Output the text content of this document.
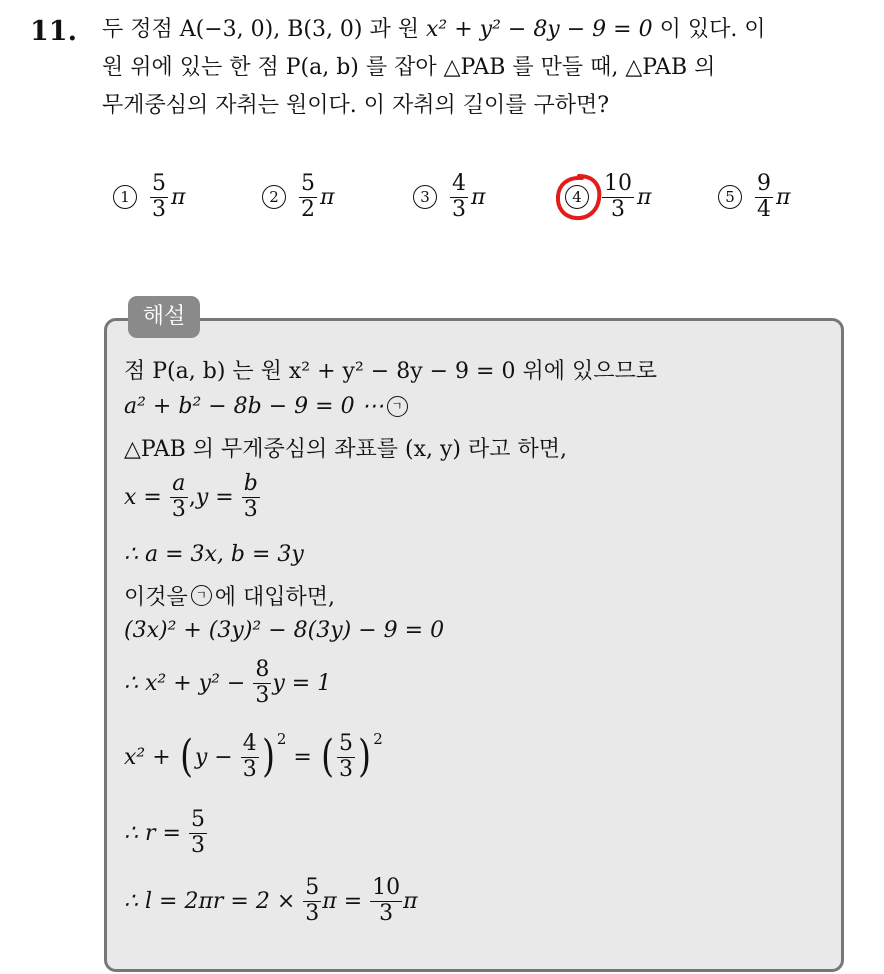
11. 두 정점 A(−3, 0), B(3, 0) 과 원 x² + y² − 8y − 9 = 0 이 있다. 이
원 위에 있는 한 점 P(a, b) 를 잡아 △PAB 를 만들 때, △PAB 의
무게중심의 자취는 원이다. 이 자취의 길이를 구하면?
$1 \frac{5}{3}$ π	$2 \frac{5}{2}$ π	$3 \frac{4}{3}$ π	$4 \frac{10}{3}$ π	$5 \frac{9}{4}$ π
해설
점 P(a, b) 는 원 x² + y² − 8y − 9 = 0 위에 있으므로
a² + b² − 8b − 9 = 0 ⋯ ㄱ
△PAB 의 무게중심의 좌표를 (x, y) 라고 하면,
x =
$\frac{a}{3}$ , y =
$\frac{b}{3}$
∴ a = 3x, b = 3y
이것을 ㄱ 에 대입하면,
(3x)² + (3y)² − 8(3y) − 9 = 0
∴ x² + y² −
$\frac{8}{3}$ y = 1
x² +
( y −
$\frac{4}{3}$ ) 2

=
( $\frac{5}{3}$ ) 2
∴ r =
$\frac{5}{3}$
∴ l = 2πr = 2 ×
$\frac{5}{3}$ π =
$\frac{10}{3}$ π
